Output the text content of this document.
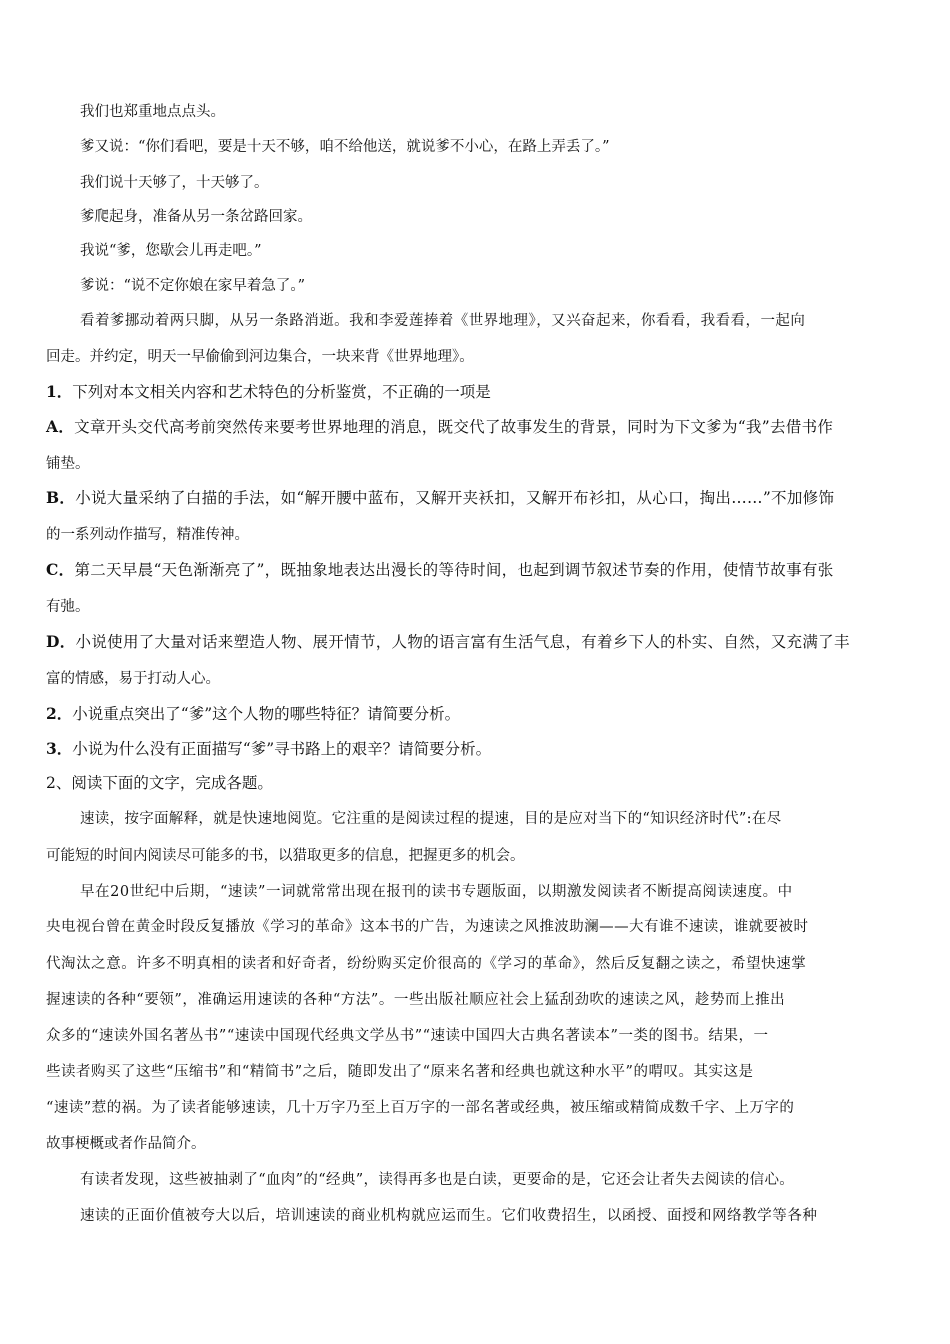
我们也郑重地点点头。
爹又说：“你们看吧，要是十天不够，咱不给他送，就说爹不小心，在路上弄丢了。”
我们说十天够了，十天够了。
爹爬起身，准备从另一条岔路回家。
我说“爹，您歇会儿再走吧。”
爹说：“说不定你娘在家早着急了。”
看着爹挪动着两只脚，从另一条路消逝。我和李爱莲捧着《世界地理》，又兴奋起来，你看看，我看看，一起向
回走。并约定，明天一早偷偷到河边集合，一块来背《世界地理》。
1．下列对本文相关内容和艺术特色的分析鉴赏，不正确的一项是
A．文章开头交代高考前突然传来要考世界地理的消息，既交代了故事发生的背景，同时为下文爹为“我”去借书作
铺垫。
B．小说大量采纳了白描的手法，如“解开腰中蓝布，又解开夹袄扣，又解开布衫扣，从心口，掏出……”不加修饰
的一系列动作描写，精准传神。
C．第二天早晨“天色渐渐亮了”，既抽象地表达出漫长的等待时间，也起到调节叙述节奏的作用，使情节故事有张
有弛。
D．小说使用了大量对话来塑造人物、展开情节，人物的语言富有生活气息，有着乡下人的朴实、自然，又充满了丰
富的情感，易于打动人心。
2．小说重点突出了“爹”这个人物的哪些特征？请简要分析。
3．小说为什么没有正面描写“爹”寻书路上的艰辛？请简要分析。
2、阅读下面的文字，完成各题。
速读，按字面解释，就是快速地阅览。它注重的是阅读过程的提速，目的是应对当下的“知识经济时代”:在尽
可能短的时间内阅读尽可能多的书，以猎取更多的信息，把握更多的机会。
早在20世纪中后期，“速读”一词就常常出现在报刊的读书专题版面，以期激发阅读者不断提高阅读速度。中
央电视台曾在黄金时段反复播放《学习的革命》这本书的广告，为速读之风推波助澜——大有谁不速读，谁就要被时
代淘汰之意。许多不明真相的读者和好奇者，纷纷购买定价很高的《学习的革命》，然后反复翻之读之，希望快速掌
握速读的各种“要领”，准确运用速读的各种“方法”。一些出版社顺应社会上猛刮劲吹的速读之风，趁势而上推出
众多的“速读外国名著丛书”“速读中国现代经典文学丛书”“速读中国四大古典名著读本”一类的图书。结果，一
些读者购买了这些“压缩书”和“精简书”之后，随即发出了“原来名著和经典也就这种水平”的喟叹。其实这是
“速读”惹的祸。为了读者能够速读，几十万字乃至上百万字的一部名著或经典，被压缩或精简成数千字、上万字的
故事梗概或者作品简介。
有读者发现，这些被抽剥了“血肉”的“经典”，读得再多也是白读，更要命的是，它还会让者失去阅读的信心。
速读的正面价值被夸大以后，培训速读的商业机构就应运而生。它们收费招生，以函授、面授和网络教学等各种
